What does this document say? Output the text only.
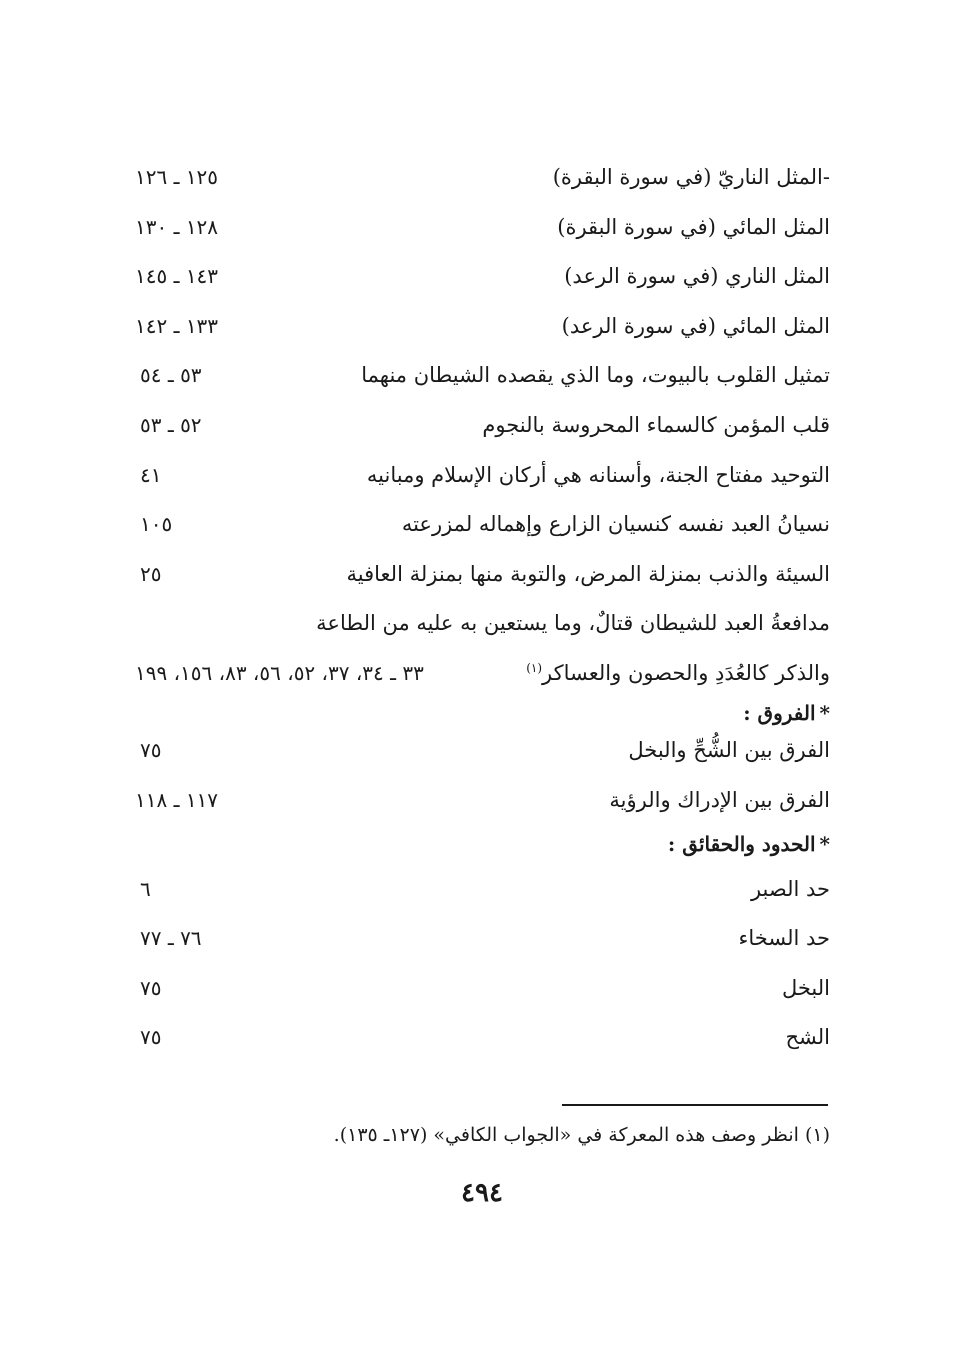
-المثل الناريّ (في سورة البقرة)
١٢٥ ـ ١٢٦
المثل المائي (في سورة البقرة)
١٢٨ ـ ١٣٠
المثل الناري (في سورة الرعد)
١٤٣ ـ ١٤٥
المثل المائي (في سورة الرعد)
١٣٣ ـ ١٤٢
تمثيل القلوب بالبيوت، وما الذي يقصده الشيطان منهما
٥٣ ـ ٥٤
قلب المؤمن كالسماء المحروسة بالنجوم
٥٢ ـ ٥٣
التوحيد مفتاح الجنة، وأسنانه هي أركان الإسلام ومبانيه
٤١
نسيانُ العبد نفسه كنسيان الزارع وإهماله لمزرعته
١٠٥
السيئة والذنب بمنزلة المرض، والتوبة منها بمنزلة العافية
٢٥
مدافعةُ العبد للشيطان قتالٌ، وما يستعين به عليه من الطاعة
والذكر كالعُدَدِ والحصون والعساكر$^{(١)}$
٣٣ ـ ٣٤، ٣٧، ٥٢، ٥٦، ٨٣، ١٥٦، ١٩٩
*الفروق :
الفرق بين الشُّحِّ والبخل
٧٥
الفرق بين الإدراك والرؤية
١١٧ ـ ١١٨
*الحدود والحقائق :
حد الصبر
٦
حد السخاء
٧٦ ـ ٧٧
البخل
٧٥
الشح
٧٥
(١) انظر وصف هذه المعركة في «الجواب الكافي» (١٢٧ـ ١٣٥).
٤٩٤
